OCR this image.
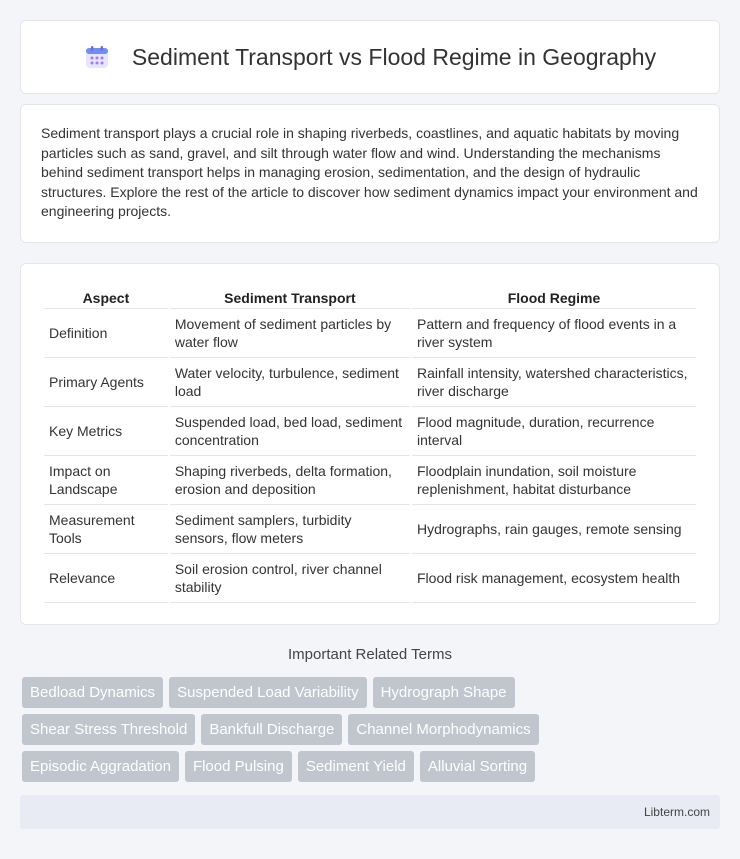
Sediment Transport vs Flood Regime in Geography

Sediment transport plays a crucial role in shaping riverbeds, coastlines, and aquatic habitats by moving particles such as sand, gravel, and silt through water flow and wind. Understanding the mechanisms behind sediment transport helps in managing erosion, sedimentation, and the design of hydraulic structures. Explore the rest of the article to discover how sediment dynamics impact your environment and engineering projects.

Aspect	Sediment Transport	Flood Regime
Definition	Movement of sediment particles by water flow	Pattern and frequency of flood events in a river system
Primary Agents	Water velocity, turbulence, sediment load	Rainfall intensity, watershed characteristics, river discharge
Key Metrics	Suspended load, bed load, sediment concentration	Flood magnitude, duration, recurrence interval
Impact on Landscape	Shaping riverbeds, delta formation, erosion and deposition	Floodplain inundation, soil moisture replenishment, habitat disturbance
Measurement Tools	Sediment samplers, turbidity sensors, flow meters	Hydrographs, rain gauges, remote sensing
Relevance	Soil erosion control, river channel stability	Flood risk management, ecosystem health
Important Related Terms
Bedload Dynamics	Suspended Load Variability	Hydrograph Shape
Shear Stress Threshold	Bankfull Discharge	Channel Morphodynamics
Episodic Aggradation	Flood Pulsing	Sediment Yield	Alluvial Sorting
Libterm.com
